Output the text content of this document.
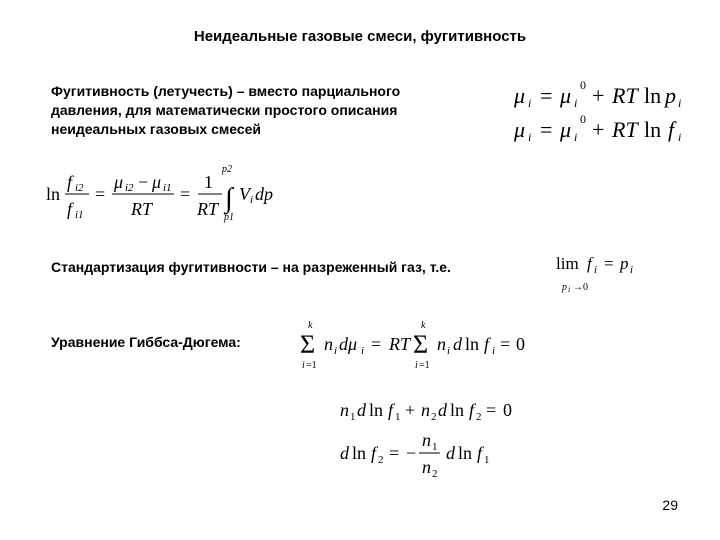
Неидеальные газовые смеси, фугитивность
Фугитивность (летучесть) – вместо парциального
давления, для математически простого описания
неидеальных газовых смесей
μ i = μ i
0 + RT ln p i
μ i = μ i
0 + RT ln f i
ln
f i2
f i1
=
μ i2 − μ i1
RT
=
1
RT
p2
∫
p1
V i dp
Стандартизация фугитивности – на разреженный газ, т.е.	lim f i = p i
p i →0
Уравнение Гиббса-Дюгема:
k
Σ
i =1
n i dμ i = RT
k
Σ
i =1
n i d ln f i = 0
n 1 d ln f 1 + n 2 d ln f 2 = 0
d ln f 2 = −
n 1
n 2
d ln f 1
29
